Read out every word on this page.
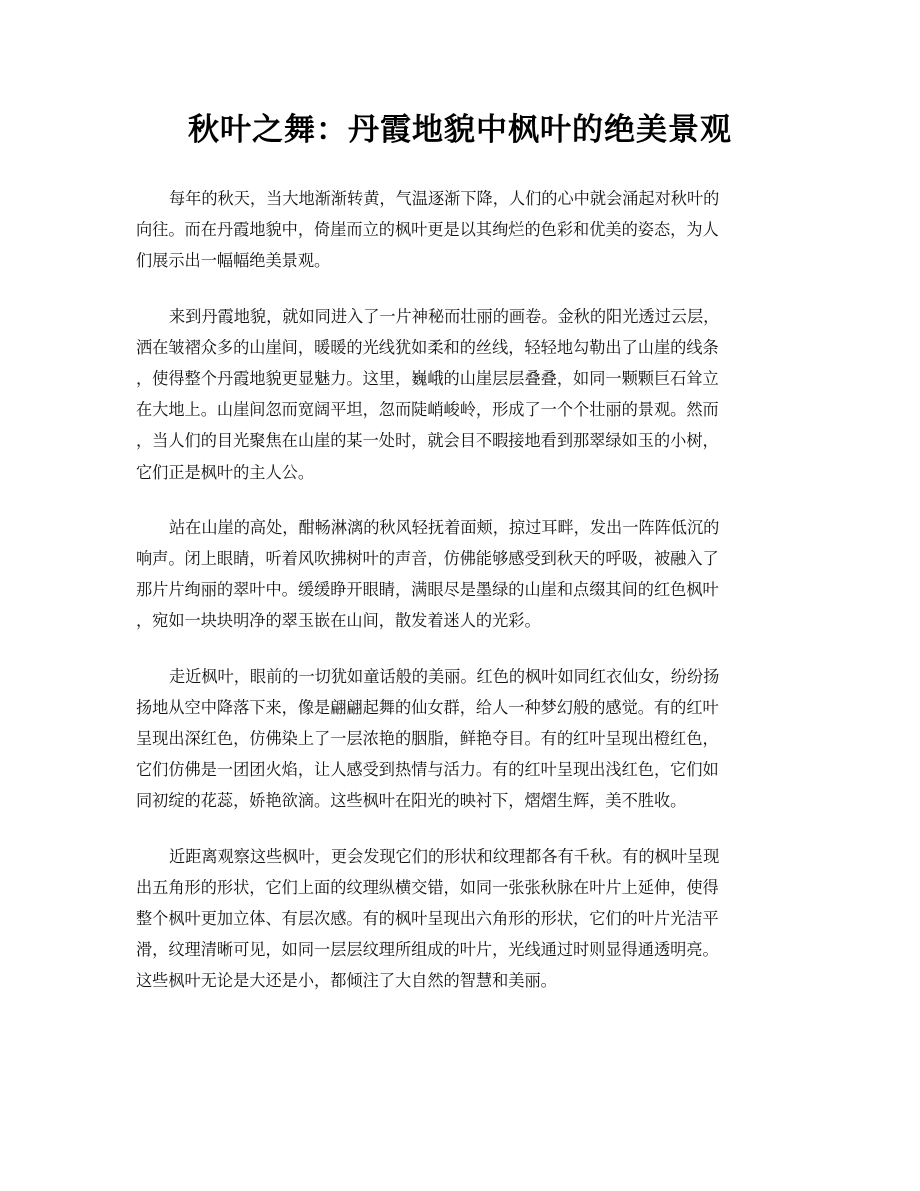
秋叶之舞：丹霞地貌中枫叶的绝美景观

每年的秋天，当大地渐渐转黄，气温逐渐下降，人们的心中就会涌起对秋叶的
向往。而在丹霞地貌中，倚崖而立的枫叶更是以其绚烂的色彩和优美的姿态，为人
们展示出一幅幅绝美景观。

来到丹霞地貌，就如同进入了一片神秘而壮丽的画卷。金秋的阳光透过云层，
洒在皱褶众多的山崖间，暖暖的光线犹如柔和的丝线，轻轻地勾勒出了山崖的线条
，使得整个丹霞地貌更显魅力。这里，巍峨的山崖层层叠叠，如同一颗颗巨石耸立
在大地上。山崖间忽而宽阔平坦，忽而陡峭峻岭，形成了一个个壮丽的景观。然而
，当人们的目光聚焦在山崖的某一处时，就会目不暇接地看到那翠绿如玉的小树，
它们正是枫叶的主人公。

站在山崖的高处，酣畅淋漓的秋风轻抚着面颊，掠过耳畔，发出一阵阵低沉的
响声。闭上眼睛，听着风吹拂树叶的声音，仿佛能够感受到秋天的呼吸，被融入了
那片片绚丽的翠叶中。缓缓睁开眼睛，满眼尽是墨绿的山崖和点缀其间的红色枫叶
，宛如一块块明净的翠玉嵌在山间，散发着迷人的光彩。

走近枫叶，眼前的一切犹如童话般的美丽。红色的枫叶如同红衣仙女，纷纷扬
扬地从空中降落下来，像是翩翩起舞的仙女群，给人一种梦幻般的感觉。有的红叶
呈现出深红色，仿佛染上了一层浓艳的胭脂，鲜艳夺目。有的红叶呈现出橙红色，
它们仿佛是一团团火焰，让人感受到热情与活力。有的红叶呈现出浅红色，它们如
同初绽的花蕊，娇艳欲滴。这些枫叶在阳光的映衬下，熠熠生辉，美不胜收。

近距离观察这些枫叶，更会发现它们的形状和纹理都各有千秋。有的枫叶呈现
出五角形的形状，它们上面的纹理纵横交错，如同一张张秋脉在叶片上延伸，使得
整个枫叶更加立体、有层次感。有的枫叶呈现出六角形的形状，它们的叶片光洁平
滑，纹理清晰可见，如同一层层纹理所组成的叶片，光线通过时则显得通透明亮。
这些枫叶无论是大还是小，都倾注了大自然的智慧和美丽。
